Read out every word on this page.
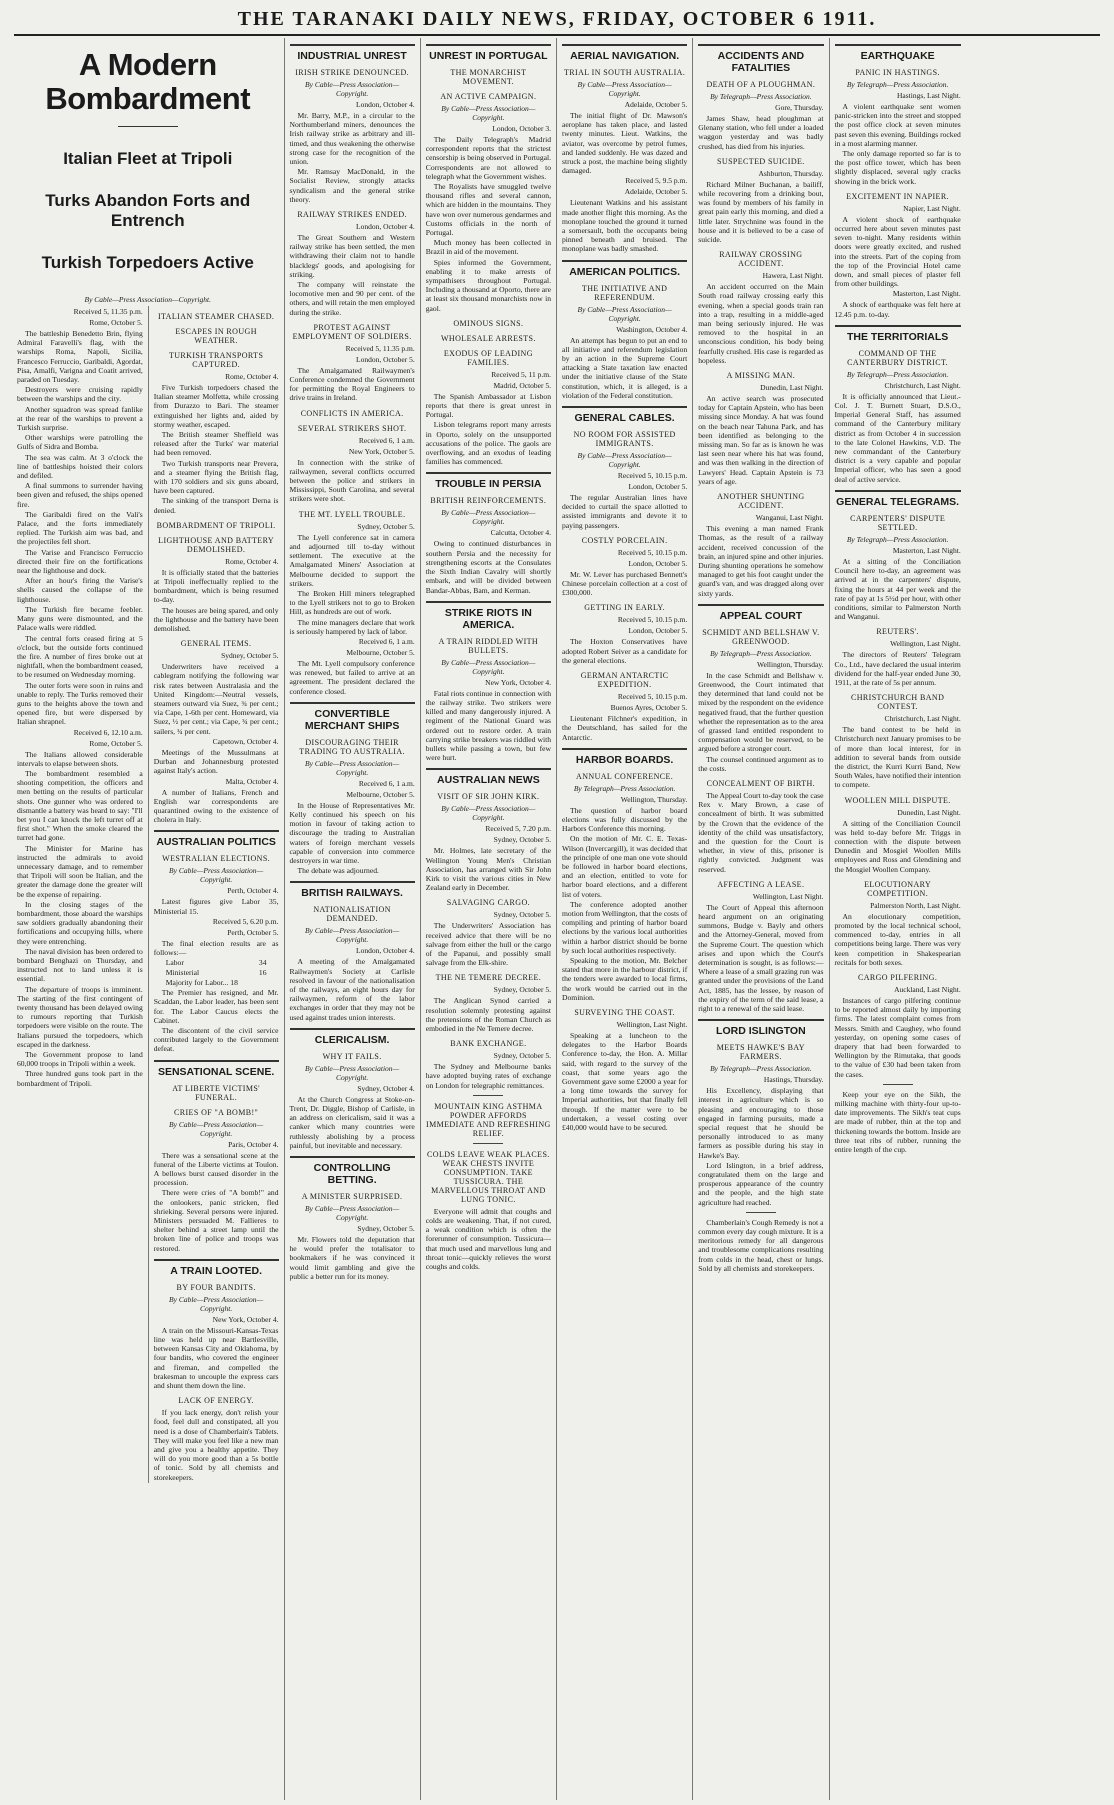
THE TARANAKI DAILY NEWS, FRIDAY, OCTOBER 6 1911.
A Modern Bombardment
Italian Fleet at Tripoli
Turks Abandon Forts and Entrench
Turkish Torpedoers Active
By Cable—Press Association—Copyright.
Received 5, 11.35 p.m.
Rome, October 5.

The battleship Benedetto Brin, flying Admiral Faravelli's flag, with the warships Roma, Napoli, Sicilia, Francesco Ferruccio, Garibaldi, Agordat, Pisa, Amalfi, Varigna and Coatit arrived, paraded on Tuesday.

Destroyers were cruising rapidly between the warships and the city.

Another squadron was spread fanlike at the rear of the warships to prevent a Turkish surprise.

Other warships were patrolling the Gulfs of Sidra and Bomba.

The sea was calm. At 3 o'clock the line of battleships hoisted their colors and defiled.

A final summons to surrender having been given and refused, the ships opened fire.

The Garibaldi fired on the Vali's Palace, and the forts immediately replied. The Turkish aim was bad, and the projectiles fell short.

The Varise and Francisco Ferruccio directed their fire on the fortifications near the lighthouse and dock.

After an hour's firing the Varise's shells caused the collapse of the lighthouse.

The Turkish fire became feebler. Many guns were dismounted, and the Palace walls were riddled.

The central forts ceased firing at 5 o'clock, but the outside forts continued the fire. A number of fires broke out at nightfall, when the bombardment ceased, to be resumed on Wednesday morning.

The outer forts were soon in ruins and unable to reply. The Turks removed their guns to the heights above the town and opened fire, but were dispersed by Italian shrapnel.

Received 6, 12.10 a.m.
Rome, October 5.

The Italians allowed considerable intervals to elapse between shots.

The bombardment resembled a shooting competition, the officers and men betting on the results of particular shots. One gunner who was ordered to dismantle a battery was heard to say: "I'll bet you I can knock the left turret off at first shot." When the smoke cleared the turret had gone.

The Minister for Marine has instructed the admirals to avoid unnecessary damage, and to remember that Tripoli will soon be Italian, and the greater the damage done the greater will be the expense of repairing.

In the closing stages of the bombardment, those aboard the warships saw soldiers gradually abandoning their fortifications and occupying hills, where they were entrenching.

The naval division has been ordered to bombard Benghazi on Thursday, and instructed not to land unless it is essential.

The departure of troops is imminent. The starting of the first contingent of twenty thousand has been delayed owing to rumours reporting that Turkish torpedoers were visible on the route. The Italians pursued the torpedoers, which escaped in the darkness.

The Government propose to land 60,000 troops in Tripoli within a week.

Three hundred guns took part in the bombardment of Tripoli.

ITALIAN STEAMER CHASED.
ESCAPES IN ROUGH WEATHER.
TURKISH TRANSPORTS CAPTURED.
Rome, October 4.

Five Turkish torpedoers chased the Italian steamer Molfetta, while crossing from Durazzo to Bari. The steamer extinguished her lights and, aided by stormy weather, escaped.

The British steamer Sheffield was released after the Turks' war material had been removed.

Two Turkish transports near Prevera, and a steamer flying the British flag, with 170 soldiers and six guns aboard, have been captured.

The sinking of the transport Derna is denied.

BOMBARDMENT OF TRIPOLI.
LIGHTHOUSE AND BATTERY DEMOLISHED.
Rome, October 4.

It is officially stated that the batteries at Tripoli ineffectually replied to the bombardment, which is being resumed to-day.

The houses are being spared, and only the lighthouse and the battery have been demolished.

GENERAL ITEMS.
Sydney, October 5.

Underwriters have received a cablegram notifying the following war risk rates between Australasia and the United Kingdom:—Neutral vessels, steamers outward via Suez, ¾ per cent.; via Cape, 1-6th per cent. Homeward, via Suez, ½ per cent.; via Cape, ¾ per cent.; sailers, ¾ per cent.

Capetown, October 4.

Meetings of the Mussulmans at Durban and Johannesburg protested against Italy's action.

Malta, October 4.

A number of Italians, French and English war correspondents are quarantined owing to the existence of cholera in Italy.

AUSTRALIAN POLITICS
WESTRALIAN ELECTIONS.
By Cable—Press Association—Copyright.
Perth, October 4.

Latest figures give Labor 35, Ministerial 15.

Received 5, 6.20 p.m.
Perth, October 5.

The final election results are as follows:—

Labor	34
Ministerial	16
Majority for Labor... 18

The Premier has resigned, and Mr. Scaddan, the Labor leader, has been sent for. The Labor Caucus elects the Cabinet.

The discontent of the civil service contributed largely to the Government defeat.

SENSATIONAL SCENE.
AT LIBERTE VICTIMS' FUNERAL.
CRIES OF "A BOMB!"
By Cable—Press Association—Copyright.
Paris, October 4.

There was a sensational scene at the funeral of the Liberte victims at Toulon. A bellows burst caused disorder in the procession.

There were cries of "A bomb!" and the onlookers, panic stricken, fled shrieking. Several persons were injured. Ministers persuaded M. Fallieres to shelter behind a street lamp until the broken line of police and troops was restored.

A TRAIN LOOTED.
BY FOUR BANDITS.
By Cable—Press Association—Copyright.
New York, October 4.

A train on the Missouri-Kansas-Texas line was held up near Bartlesville, between Kansas City and Oklahoma, by four bandits, who covered the engineer and fireman, and compelled the brakesman to uncouple the express cars and shunt them down the line.

LACK OF ENERGY.

If you lack energy, don't relish your food, feel dull and constipated, all you need is a dose of Chamberlain's Tablets. They will make you feel like a new man and give you a healthy appetite. They will do you more good than a 5s bottle of tonic. Sold by all chemists and storekeepers.

INDUSTRIAL UNREST
IRISH STRIKE DENOUNCED.
By Cable—Press Association—Copyright.
London, October 4.

Mr. Barry, M.P., in a circular to the Northumberland miners, denounces the Irish railway strike as arbitrary and ill-timed, and thus weakening the otherwise strong case for the recognition of the union.

Mr. Ramsay MacDonald, in the Socialist Review, strongly attacks syndicalism and the general strike theory.

RAILWAY STRIKES ENDED.
London, October 4.

The Great Southern and Western railway strike has been settled, the men withdrawing their claim not to handle blacklegs' goods, and apologising for striking.

The company will reinstate the locomotive men and 90 per cent. of the others, and will retain the men employed during the strike.

PROTEST AGAINST EMPLOYMENT OF SOLDIERS.
Received 5, 11.35 p.m.
London, October 5.

The Amalgamated Railwaymen's Conference condemned the Government for permitting the Royal Engineers to drive trains in Ireland.

CONFLICTS IN AMERICA.
SEVERAL STRIKERS SHOT.
Received 6, 1 a.m.
New York, October 5.

In connection with the strike of railwaymen, several conflicts occurred between the police and strikers in Mississippi, South Carolina, and several strikers were shot.

THE MT. LYELL TROUBLE.
Sydney, October 5.

The Lyell conference sat in camera and adjourned till to-day without settlement. The executive at the Amalgamated Miners' Association at Melbourne decided to support the strikers.

The Broken Hill miners telegraphed to the Lyell strikers not to go to Broken Hill, as hundreds are out of work.

The mine managers declare that work is seriously hampered by lack of labor.

Received 6, 1 a.m.
Melbourne, October 5.

The Mt. Lyell compulsory conference was renewed, but failed to arrive at an agreement. The president declared the conference closed.

CONVERTIBLE MERCHANT SHIPS
DISCOURAGING THEIR TRADING TO AUSTRALIA.
By Cable—Press Association—Copyright.
Received 6, 1 a.m.
Melbourne, October 5.

In the House of Representatives Mr. Kelly continued his speech on his motion in favour of taking action to discourage the trading to Australian waters of foreign merchant vessels capable of conversion into commerce destroyers in war time.

The debate was adjourned.

BRITISH RAILWAYS.
NATIONALISATION DEMANDED.
By Cable—Press Association—Copyright.
London, October 4.

A meeting of the Amalgamated Railwaymen's Society at Carlisle resolved in favour of the nationalisation of the railways, an eight hours day for railwaymen, reform of the labor exchanges in order that they may not be used against trades union interests.

CLERICALISM.
WHY IT FAILS.
By Cable—Press Association—Copyright.
Sydney, October 4.

At the Church Congress at Stoke-on-Trent, Dr. Diggle, Bishop of Carlisle, in an address on clericalism, said it was a canker which many countries were ruthlessly abolishing by a process painful, but inevitable and necessary.

CONTROLLING BETTING.
A MINISTER SURPRISED.
By Cable—Press Association—Copyright.
Sydney, October 5.

Mr. Flowers told the deputation that he would prefer the totalisator to bookmakers if he was convinced it would limit gambling and give the public a better run for its money.

UNREST IN PORTUGAL
THE MONARCHIST MOVEMENT.
AN ACTIVE CAMPAIGN.
By Cable—Press Association—Copyright.
London, October 3.

The Daily Telegraph's Madrid correspondent reports that the strictest censorship is being observed in Portugal. Correspondents are not allowed to telegraph what the Government wishes.

The Royalists have smuggled twelve thousand rifles and several cannon, which are hidden in the mountains. They have won over numerous gendarmes and Customs officials in the north of Portugal.

Much money has been collected in Brazil in aid of the movement.

Spies informed the Government, enabling it to make arrests of sympathisers throughout Portugal. Including a thousand at Oporto, there are at least six thousand monarchists now in gaol.

OMINOUS SIGNS.
WHOLESALE ARRESTS.
EXODUS OF LEADING FAMILIES.
Received 5, 11 p.m.
Madrid, October 5.

The Spanish Ambassador at Lisbon reports that there is great unrest in Portugal.

Lisbon telegrams report many arrests in Oporto, solely on the unsupported accusations of the police. The gaols are overflowing, and an exodus of leading families has commenced.

TROUBLE IN PERSIA
BRITISH REINFORCEMENTS.
By Cable—Press Association—Copyright.
Calcutta, October 4.

Owing to continued disturbances in southern Persia and the necessity for strengthening escorts at the Consulates the Sixth Indian Cavalry will shortly embark, and will be divided between Bandar-Abbas, Bam, and Kerman.

STRIKE RIOTS IN AMERICA.
A TRAIN RIDDLED WITH BULLETS.
By Cable—Press Association—Copyright.
New York, October 4.

Fatal riots continue in connection with the railway strike. Two strikers were killed and many dangerously injured. A regiment of the National Guard was ordered out to restore order. A train carrying strike breakers was riddled with bullets while passing a town, but few were hurt.

AUSTRALIAN NEWS
VISIT OF SIR JOHN KIRK.
By Cable—Press Association—Copyright.
Received 5, 7.20 p.m.
Sydney, October 5.

Mr. Holmes, late secretary of the Wellington Young Men's Christian Association, has arranged with Sir John Kirk to visit the various cities in New Zealand early in December.

SALVAGING CARGO.
Sydney, October 5.

The Underwriters' Association has received advice that there will be no salvage from either the hull or the cargo of the Papanui, and possibly small salvage from the Elk-shire.

THE NE TEMERE DECREE.
Sydney, October 5.

The Anglican Synod carried a resolution solemnly protesting against the pretensions of the Roman Church as embodied in the Ne Temere decree.

BANK EXCHANGE.
Sydney, October 5.

The Sydney and Melbourne banks have adopted buying rates of exchange on London for telegraphic remittances.

MOUNTAIN KING ASTHMA POWDER AFFORDS IMMEDIATE AND REFRESHING RELIEF.
COLDS LEAVE WEAK PLACES. WEAK CHESTS INVITE CONSUMPTION. TAKE TUSSICURA. THE MARVELLOUS THROAT AND LUNG TONIC.

Everyone will admit that coughs and colds are weakening. That, if not cured, a weak condition which is often the forerunner of consumption. Tussicura—that much used and marvellous lung and throat tonic—quickly relieves the worst coughs and colds.

AERIAL NAVIGATION.
TRIAL IN SOUTH AUSTRALIA.
By Cable—Press Association—Copyright.
Adelaide, October 5.

The initial flight of Dr. Mawson's aeroplane has taken place, and lasted twenty minutes. Lieut. Watkins, the aviator, was overcome by petrol fumes, and landed suddenly. He was dazed and struck a post, the machine being slightly damaged.

Received 5, 9.5 p.m.
Adelaide, October 5.

Lieutenant Watkins and his assistant made another flight this morning. As the monoplane touched the ground it turned a somersault, both the occupants being pinned beneath and bruised. The monoplane was badly smashed.

AMERICAN POLITICS.
THE INITIATIVE AND REFERENDUM.
By Cable—Press Association—Copyright.
Washington, October 4.

An attempt has begun to put an end to all initiative and referendum legislation by an action in the Supreme Court attacking a State taxation law enacted under the initiative clause of the State constitution, which, it is alleged, is a violation of the Federal constitution.

GENERAL CABLES.
NO ROOM FOR ASSISTED IMMIGRANTS.
By Cable—Press Association—Copyright.
Received 5, 10.15 p.m.
London, October 5.

The regular Australian lines have decided to curtail the space allotted to assisted immigrants and devote it to paying passengers.

COSTLY PORCELAIN.
Received 5, 10.15 p.m.
London, October 5.

Mr. W. Lever has purchased Bennett's Chinese porcelain collection at a cost of £300,000.

GETTING IN EARLY.
Received 5, 10.15 p.m.
London, October 5.

The Hoxton Conservatives have adopted Robert Seiver as a candidate for the general elections.

GERMAN ANTARCTIC EXPEDITION.
Received 5, 10.15 p.m.
Buenos Ayres, October 5.

Lieutenant Filchner's expedition, in the Deutschland, has sailed for the Antarctic.

HARBOR BOARDS.
ANNUAL CONFERENCE.
By Telegraph—Press Association.
Wellington, Thursday.

The question of harbor board elections was fully discussed by the Harbors Conference this morning.

On the motion of Mr. C. E. Texas-Wilson (Invercargill), it was decided that the principle of one man one vote should be followed in harbor board elections, and an election, entitled to vote for harbor board elections, and a different list of voters.

The conference adopted another motion from Wellington, that the costs of compiling and printing of harbor board elections by the various local authorities within a harbor district should be borne by such local authorities respectively.

Speaking to the motion, Mr. Belcher stated that more in the harbour district, if the tenders were awarded to local firms, the work would be carried out in the Dominion.

SURVEYING THE COAST.
Wellington, Last Night.

Speaking at a luncheon to the delegates to the Harbor Boards Conference to-day, the Hon. A. Millar said, with regard to the survey of the coast, that some years ago the Government gave some £2000 a year for a long time towards the survey for Imperial authorities, but that finally fell through. If the matter were to be undertaken, a vessel costing over £40,000 would have to be secured.

ACCIDENTS AND FATALITIES
DEATH OF A PLOUGHMAN.
By Telegraph—Press Association.
Gore, Thursday.

James Shaw, head ploughman at Glenany station, who fell under a loaded waggon yesterday and was badly crushed, has died from his injuries.

SUSPECTED SUICIDE.
Ashburton, Thursday.

Richard Milner Buchanan, a bailiff, while recovering from a drinking bout, was found by members of his family in great pain early this morning, and died a little later. Strychnine was found in the house and it is believed to be a case of suicide.

RAILWAY CROSSING ACCIDENT.
Hawera, Last Night.

An accident occurred on the Main South road railway crossing early this evening, when a special goods train ran into a trap, resulting in a middle-aged man being seriously injured. He was removed to the hospital in an unconscious condition, his body being fearfully crushed. His case is regarded as hopeless.

A MISSING MAN.
Dunedin, Last Night.

An active search was prosecuted today for Captain Apstein, who has been missing since Monday. A hat was found on the beach near Tahuna Park, and has been identified as belonging to the missing man. So far as is known he was last seen near where his hat was found, and was then walking in the direction of Lawyers' Head. Captain Apstein is 73 years of age.

ANOTHER SHUNTING ACCIDENT.
Wanganui, Last Night.

This evening a man named Frank Thomas, as the result of a railway accident, received concussion of the brain, an injured spine and other injuries. During shunting operations he somehow managed to get his foot caught under the guard's van, and was dragged along over sixty yards.

APPEAL COURT
SCHMIDT AND BELLSHAW V. GREENWOOD.
By Telegraph—Press Association.
Wellington, Thursday.

In the case Schmidt and Bellshaw v. Greenwood, the Court intimated that they determined that land could not be mixed by the respondent on the evidence negatived fraud, that the further question whether the representation as to the area of grassed land entitled respondent to compensation would be reserved, to be argued before a stronger court.

The counsel continued argument as to the costs.

CONCEALMENT OF BIRTH.

The Appeal Court to-day took the case Rex v. Mary Brown, a case of concealment of birth. It was submitted by the Crown that the evidence of the identity of the child was unsatisfactory, and the question for the Court is whether, in view of this, prisoner is rightly convicted. Judgment was reserved.

AFFECTING A LEASE.
Wellington, Last Night.

The Court of Appeal this afternoon heard argument on an originating summons, Budge v. Bayly and others and the Attorney-General, moved from the Supreme Court. The question which arises and upon which the Court's determination is sought, is as follows:—Where a lease of a small grazing run was granted under the provisions of the Land Act, 1885, has the lessee, by reason of the expiry of the term of the said lease, a right to a renewal of the said lease.

LORD ISLINGTON
MEETS HAWKE'S BAY FARMERS.
By Telegraph—Press Association.
Hastings, Thursday.

His Excellency, displaying that interest in agriculture which is so pleasing and encouraging to those engaged in farming pursuits, made a special request that he should be personally introduced to as many farmers as possible during his stay in Hawke's Bay.

Lord Islington, in a brief address, congratulated them on the large and prosperous appearance of the country and the people, and the high state agriculture had reached.

Chamberlain's Cough Remedy is not a common every day cough mixture. It is a meritorious remedy for all dangerous and troublesome complications resulting from colds in the head, chest or lungs. Sold by all chemists and storekeepers.

EARTHQUAKE
PANIC IN HASTINGS.
By Telegraph—Press Association.
Hastings, Last Night.

A violent earthquake sent women panic-stricken into the street and stopped the post office clock at seven minutes past seven this evening. Buildings rocked in a most alarming manner.

The only damage reported so far is to the post office tower, which has been slightly displaced, several ugly cracks showing in the brick work.

EXCITEMENT IN NAPIER.
Napier, Last Night.

A violent shock of earthquake occurred here about seven minutes past seven to-night. Many residents within doors were greatly excited, and rushed into the streets. Part of the coping from the top of the Provincial Hotel came down, and small pieces of plaster fell from other buildings.

Masterton, Last Night.

A shock of earthquake was felt here at 12.45 p.m. to-day.

THE TERRITORIALS
COMMAND OF THE CANTERBURY DISTRICT.
By Telegraph—Press Association.
Christchurch, Last Night.

It is officially announced that Lieut.-Col. J. T. Burnett Stuart, D.S.O., Imperial General Staff, has assumed command of the Canterbury military district as from October 4 in succession to the late Colonel Hawkins, V.D. The new commandant of the Canterbury district is a very capable and popular Imperial officer, who has seen a good deal of active service.

GENERAL TELEGRAMS.
CARPENTERS' DISPUTE SETTLED.
By Telegraph—Press Association.
Masterton, Last Night.

At a sitting of the Conciliation Council here to-day, an agreement was arrived at in the carpenters' dispute, fixing the hours at 44 per week and the rate of pay at 1s 5½d per hour, with other conditions, similar to Palmerston North and Wanganui.

REUTERS'.
Wellington, Last Night.

The directors of Reuters' Telegram Co., Ltd., have declared the usual interim dividend for the half-year ended June 30, 1911, at the rate of 5s per annum.

CHRISTCHURCH BAND CONTEST.
Christchurch, Last Night.

The band contest to be held in Christchurch next January promises to be of more than local interest, for in addition to several bands from outside the district, the Kurri Kurri Band, New South Wales, have notified their intention to compete.

WOOLLEN MILL DISPUTE.
Dunedin, Last Night.

A sitting of the Conciliation Council was held to-day before Mr. Triggs in connection with the dispute between Dunedin and Mosgiel Woollen Mills employees and Ross and Glendining and the Mosgiel Woollen Company.

ELOCUTIONARY COMPETITION.
Palmerston North, Last Night.

An elocutionary competition, promoted by the local technical school, commenced to-day, entries in all competitions being large. There was very keen competition in Shakespearian recitals for both sexes.

CARGO PILFERING.
Auckland, Last Night.

Instances of cargo pilfering continue to be reported almost daily by importing firms. The latest complaint comes from Messrs. Smith and Caughey, who found yesterday, on opening some cases of drapery that had been forwarded to Wellington by the Rimutaka, that goods to the value of £30 had been taken from the cases.

Keep your eye on the Sikh, the milking machine with thirty-four up-to-date improvements. The Sikh's teat cups are made of rubber, thin at the top and thickening towards the bottom. Inside are three teat ribs of rubber, running the entire length of the cup.
